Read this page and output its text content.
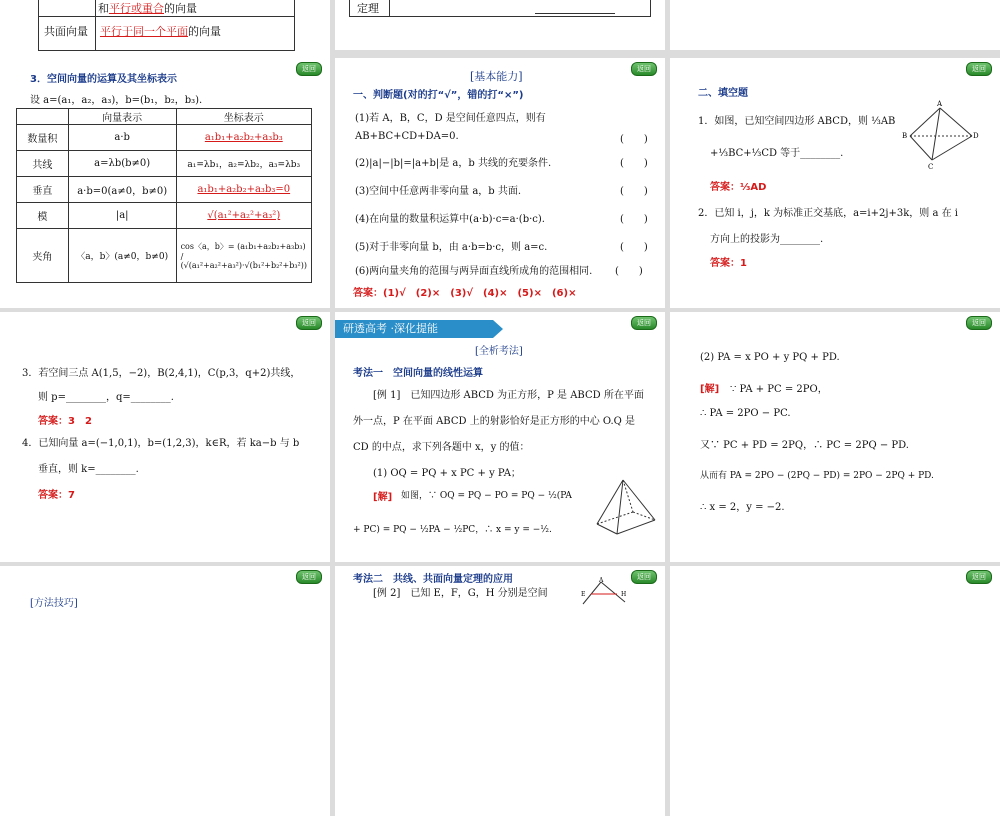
和平行或重合的向量
共面向量 平行于同一个平面的向量
定理
返回
3．空间向量的运算及其坐标表示
设 a=(a₁，a₂，a₃)，b=(b₁，b₂，b₃).
	向量表示	坐标表示
数量积	a·b	a₁b₁+a₂b₂+a₃b₃
共线	a=λb(b≠0)	a₁=λb₁，a₂=λb₂，a₃=λb₃
垂直	a·b=0(a≠0，b≠0)	a₁b₁+a₂b₂+a₃b₃=0
模	|a|	√(a₁²+a₂²+a₃²)
夹角	〈a，b〉(a≠0，b≠0)	cos〈a，b〉= (a₁b₁+a₂b₂+a₃b₃) / (√(a₁²+a₂²+a₃²)·√(b₁²+b₂²+b₃²))
返回
[基本能力]
一、判断题(对的打“√”，错的打“×”)
(1)若 A，B，C，D 是空间任意四点，则有 AB+BC+CD+DA=0.	(　　)
(2)|a|−|b|=|a+b|是 a，b 共线的充要条件.	(　　)
(3)空间中任意两非零向量 a，b 共面.	(　　)
(4)在向量的数量积运算中(a·b)·c=a·(b·c).	(　　)
(5)对于非零向量 b，由 a·b=b·c，则 a=c.	(　　)
(6)两向量夹角的范围与两异面直线所成角的范围相同. (　　)
答案：(1)√　(2)×　(3)√　(4)×　(5)×　(6)×
返回
二、填空题
1．如图，已知空间四边形 ABCD，则 ⅓AB
+⅓BC+⅓CD 等于________.
答案：⅓AD
2．已知 i，j，k 为标准正交基底，a=i+2j+3k，则 a 在 i
方向上的投影为________.
答案：1
A
B
C
D
返回
3．若空间三点 A(1,5，−2)，B(2,4,1)，C(p,3，q+2)共线，
则 p=________，q=________.
答案：3　2
4．已知向量 a=(−1,0,1)，b=(1,2,3)，k∈R，若 ka−b 与 b
垂直，则 k=________.
答案：7
返回
研透高考 ·深化提能
[全析考法]
考法一　空间向量的线性运算
[例 1]　已知四边形 ABCD 为正方形，P 是 ABCD 所在平面
外一点，P 在平面 ABCD 上的射影恰好是正方形的中心 O.Q 是
CD 的中点，求下列各题中 x，y 的值：
(1) OQ = PQ + x PC + y PA；
[解] 如图，∵ OQ = PQ − PO = PQ − ½(PA
+ PC) = PQ − ½PA − ½PC，∴ x = y = −½.
返回
(2) PA = x PO + y PQ + PD.
[解] ∵ PA + PC = 2PO，
∴ PA = 2PO − PC.
又∵ PC + PD = 2PQ，∴ PC = 2PQ − PD.
从而有 PA = 2PO − (2PQ − PD) = 2PO − 2PQ + PD.
∴ x = 2，y = −2.
返回
[方法技巧]
返回
考法二　共线、共面向量定理的应用
[例 2]　已知 E，F，G，H 分别是空间
A
E	H
返回
